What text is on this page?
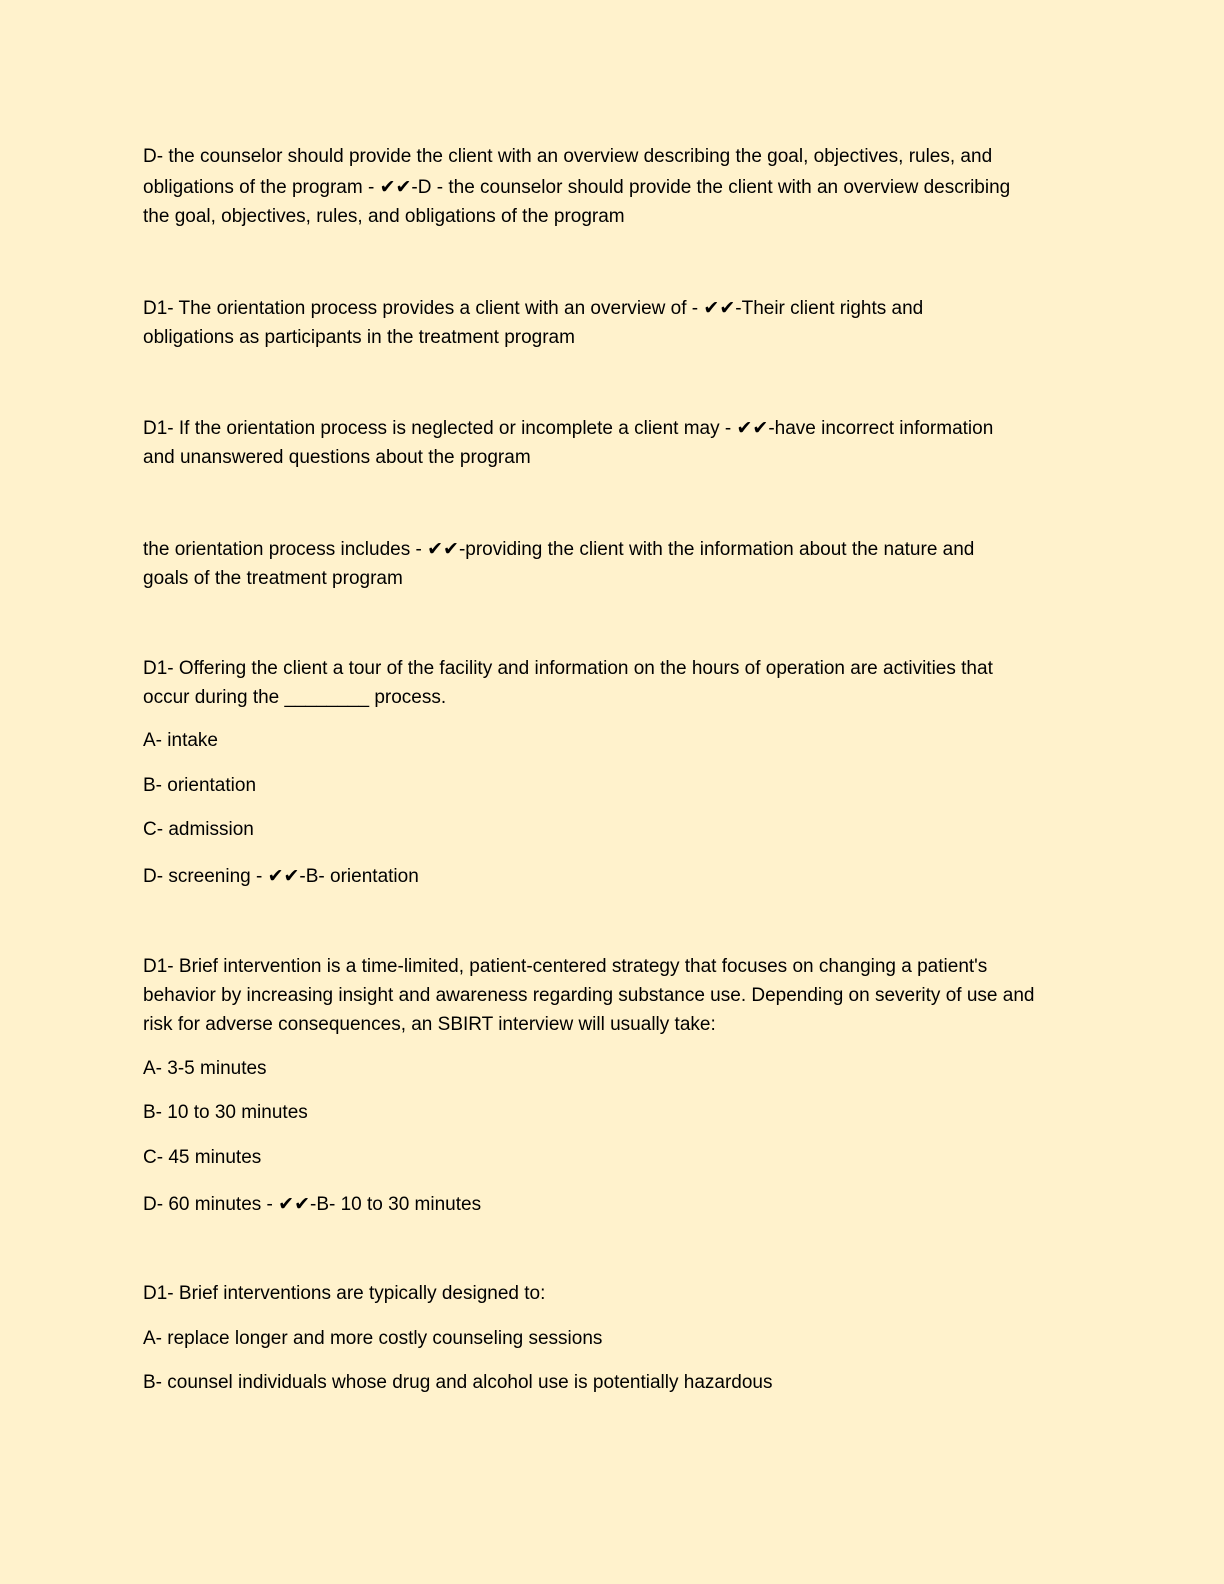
D- the counselor should provide the client with an overview describing the goal, objectives, rules, and
obligations of the program - ✔✔-D - the counselor should provide the client with an overview describing
the goal, objectives, rules, and obligations of the program
D1- The orientation process provides a client with an overview of - ✔✔-Their client rights and
obligations as participants in the treatment program
D1- If the orientation process is neglected or incomplete a client may - ✔✔-have incorrect information
and unanswered questions about the program
the orientation process includes - ✔✔-providing the client with the information about the nature and
goals of the treatment program
D1- Offering the client a tour of the facility and information on the hours of operation are activities that
occur during the ________ process.
A- intake
B- orientation
C- admission
D- screening - ✔✔-B- orientation
D1- Brief intervention is a time-limited, patient-centered strategy that focuses on changing a patient's
behavior by increasing insight and awareness regarding substance use. Depending on severity of use and
risk for adverse consequences, an SBIRT interview will usually take:
A- 3-5 minutes
B- 10 to 30 minutes
C- 45 minutes
D- 60 minutes - ✔✔-B- 10 to 30 minutes
D1- Brief interventions are typically designed to:
A- replace longer and more costly counseling sessions
B- counsel individuals whose drug and alcohol use is potentially hazardous
